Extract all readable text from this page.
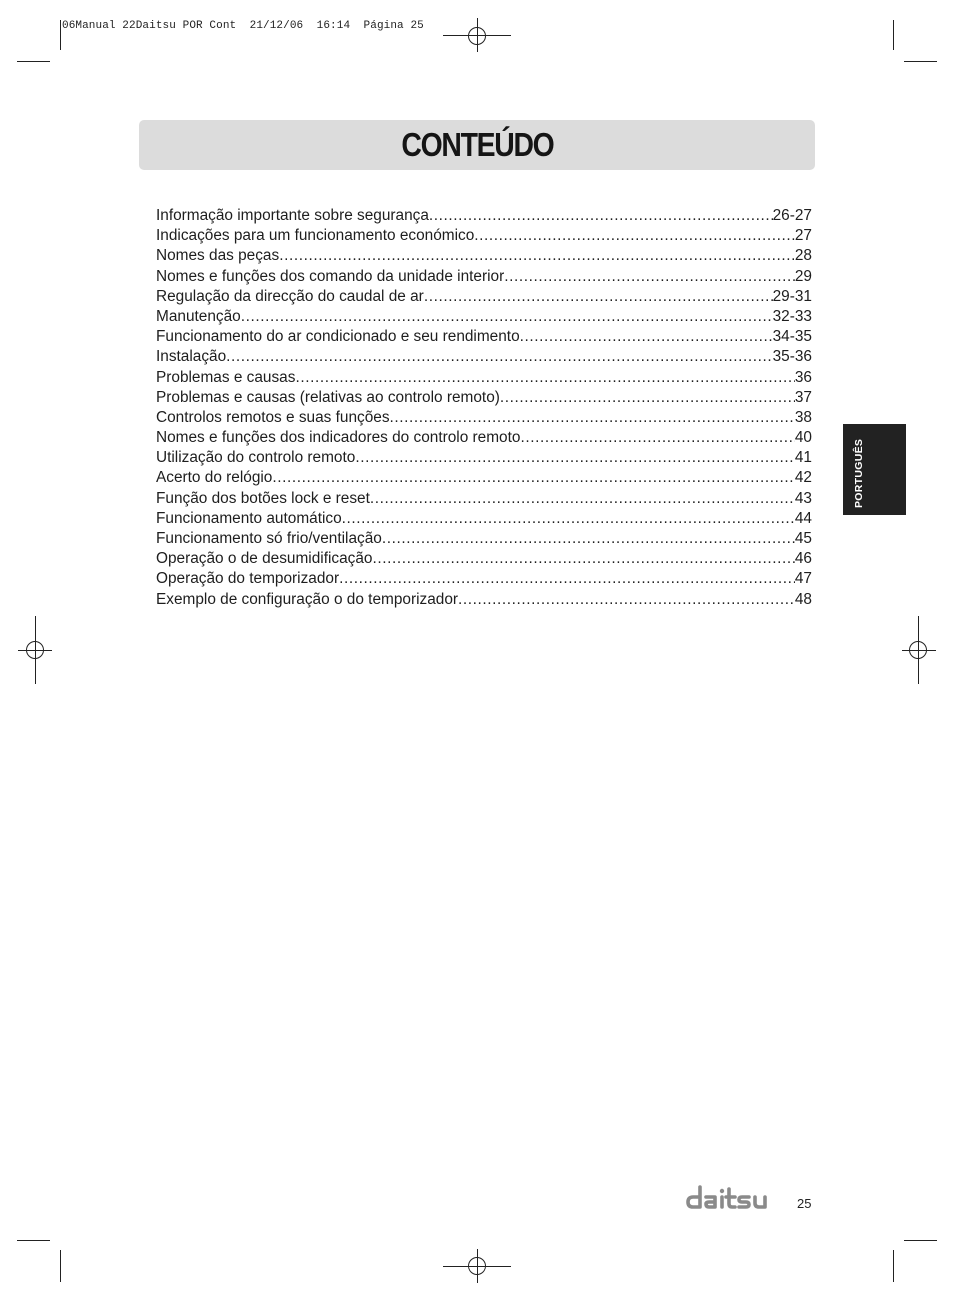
06Manual 22Daitsu POR Cont  21/12/06  16:14  Página 25
CONTEÚDO
Informação importante sobre segurança .....	26-27
Indicações para um funcionamento económico .....	27
Nomes das peças .....	28
Nomes e funções dos comando da unidade interior .....	29
Regulação da direcção do caudal de ar .....	29-31
Manutenção .....	32-33
Funcionamento do ar condicionado e seu rendimento .....	34-35
Instalação .....	35-36
Problemas e causas .....	36
Problemas e causas (relativas ao controlo remoto) .....	37
Controlos remotos e suas funções .....	38
Nomes e funções dos indicadores do controlo remoto .....	40
Utilização do controlo remoto .....	41
Acerto do relógio .....	42
Função dos botões lock e reset .....	43
Funcionamento automático .....	44
Funcionamento só frio/ventilação .....	45
Operação o de desumidificação .....	46
Operação do temporizador .....	47
Exemplo de configuração o do temporizador .....	48
PORTUGUÊS
25
